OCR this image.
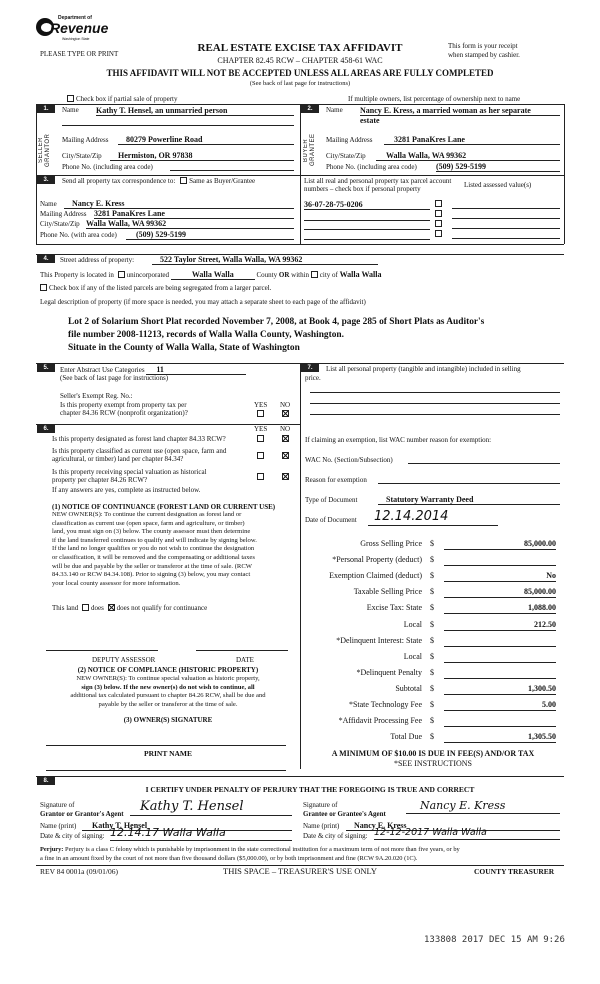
Department of
Revenue
Washington State
PLEASE TYPE OR PRINT	REAL ESTATE EXCISE TAX AFFIDAVIT
CHAPTER 82.45 RCW – CHAPTER 458-61 WAC
THIS AFFIDAVIT WILL NOT BE ACCEPTED UNLESS ALL AREAS ARE FULLY COMPLETED
(See back of last page for instructions)
This form is your receipt
when stamped by cashier.
Check box if partial sale of property	If multiple owners, list percentage of ownership next to name
1.
SELLER GRANTOR
Name Kathy T. Hensel, an unmarried person
Mailing Address	80279 Powerline Road
City/State/Zip	Hermiston, OR 97838
Phone No. (including area code)
2.
BUYER GRANTEE
Name Nancy E. Kress, a married woman as her separate
estate
Mailing Address	3281 PanaKres Lane
City/State/Zip	Walla Walla, WA 99362
Phone No. (including area code) (509) 529-5199
3.	Send all property tax correspondence to: Same as Buyer/Grantee
Name	Nancy E. Kress
Mailing Address 3281 PanaKres Lane
City/State/Zip Walla Walla, WA 99362
Phone No. (with area code)	(509) 529-5199
List all real and personal property tax parcel account
numbers – check box if personal property	Listed assessed value(s)
36-07-28-75-0206
4.	Street address of property:	522 Taylor Street, Walla Walla, WA 99362
This Property is located in unincorporated	Walla Walla	County OR within city of Walla Walla
Check box if any of the listed parcels are being segregated from a larger parcel.
Legal description of property (if more space is needed, you may attach a separate sheet to each page of the affidavit)
Lot 2 of Solarium Short Plat recorded November 7, 2008, at Book 4, page 285 of Short Plats as Auditor's
file number 2008-11213, records of Walla Walla County, Washington.
Situate in the County of Walla Walla, State of Washington
5.	Enter Abstract Use Categories 11
(See back of last page for instructions)
Seller's Exempt Reg. No.:
Is this property exempt from property tax per
chapter 84.36 RCW (nonprofit organization)?
YES NO
6.	YES NO
Is this property designated as forest land chapter 84.33 RCW?
Is this property classified as current use (open space, farm and
agricultural, or timber) land per chapter 84.34?
Is this property receiving special valuation as historical
property per chapter 84.26 RCW?
If any answers are yes, complete as instructed below.
(1) NOTICE OF CONTINUANCE (FOREST LAND OR CURRENT USE)
NEW OWNER(S): To continue the current designation as forest land or
classification as current use (open space, farm and agriculture, or timber)
land, you must sign on (3) below. The county assessor must then determine
if the land transferred continues to qualify and will indicate by signing below.
If the land no longer qualifies or you do not wish to continue the designation
or classification, it will be removed and the compensating or additional taxes
will be due and payable by the seller or transferor at the time of sale. (RCW
84.33.140 or RCW 84.34.108). Prior to signing (3) below, you may contact
your local county assessor for more information.
This land does does not qualify for continuance
DEPUTY ASSESSOR	DATE
(2) NOTICE OF COMPLIANCE (HISTORIC PROPERTY)
NEW OWNER(S): To continue special valuation as historic property,
sign (3) below. If the new owner(s) do not wish to continue, all
additional tax calculated pursuant to chapter 84.26 RCW, shall be due and
payable by the seller or transferor at the time of sale.
(3) OWNER(S) SIGNATURE
PRINT NAME
7.	List all personal property (tangible and intangible) included in selling
price.
If claiming an exemption, list WAC number reason for exemption:
WAC No. (Section/Subsection)
Reason for exemption
Type of Document	Statutory Warranty Deed
Date of Document	12.14.2014
Gross Selling Price $	85,000.00
*Personal Property (deduct) $
Exemption Claimed (deduct) $	No
Taxable Selling Price $	85,000.00
Excise Tax: State $	1,088.00
Local $	212.50
*Delinquent Interest: State $
Local $
*Delinquent Penalty $
Subtotal $	1,300.50
*State Technology Fee $	5.00
*Affidavit Processing Fee $
Total Due $	1,305.50
A MINIMUM OF $10.00 IS DUE IN FEE(S) AND/OR TAX
*SEE INSTRUCTIONS
8.
I CERTIFY UNDER PENALTY OF PERJURY THAT THE FOREGOING IS TRUE AND CORRECT
Signature of
Grantor or Grantor's Agent	Kathy T. Hensel
Name (print)	Kathy T. Hensel
Date & city of signing: 12.14.17 Walla Walla
Signature of
Grantee or Grantee's Agent
Nancy E. Kress
Name (print)	Nancy E. Kress
Date & city of signing: 12-12-2017 Walla Walla
Perjury: Perjury is a class C felony which is punishable by imprisonment in the state correctional institution for a maximum term of not more than five years, or by
a fine in an amount fixed by the court of not more than five thousand dollars ($5,000.00), or by both imprisonment and fine (RCW 9A.20.020 (1C).
REV 84 0001a (09/01/06)	THIS SPACE – TREASURER'S USE ONLY	COUNTY TREASURER
133808 2017 DEC 15 AM 9:26
